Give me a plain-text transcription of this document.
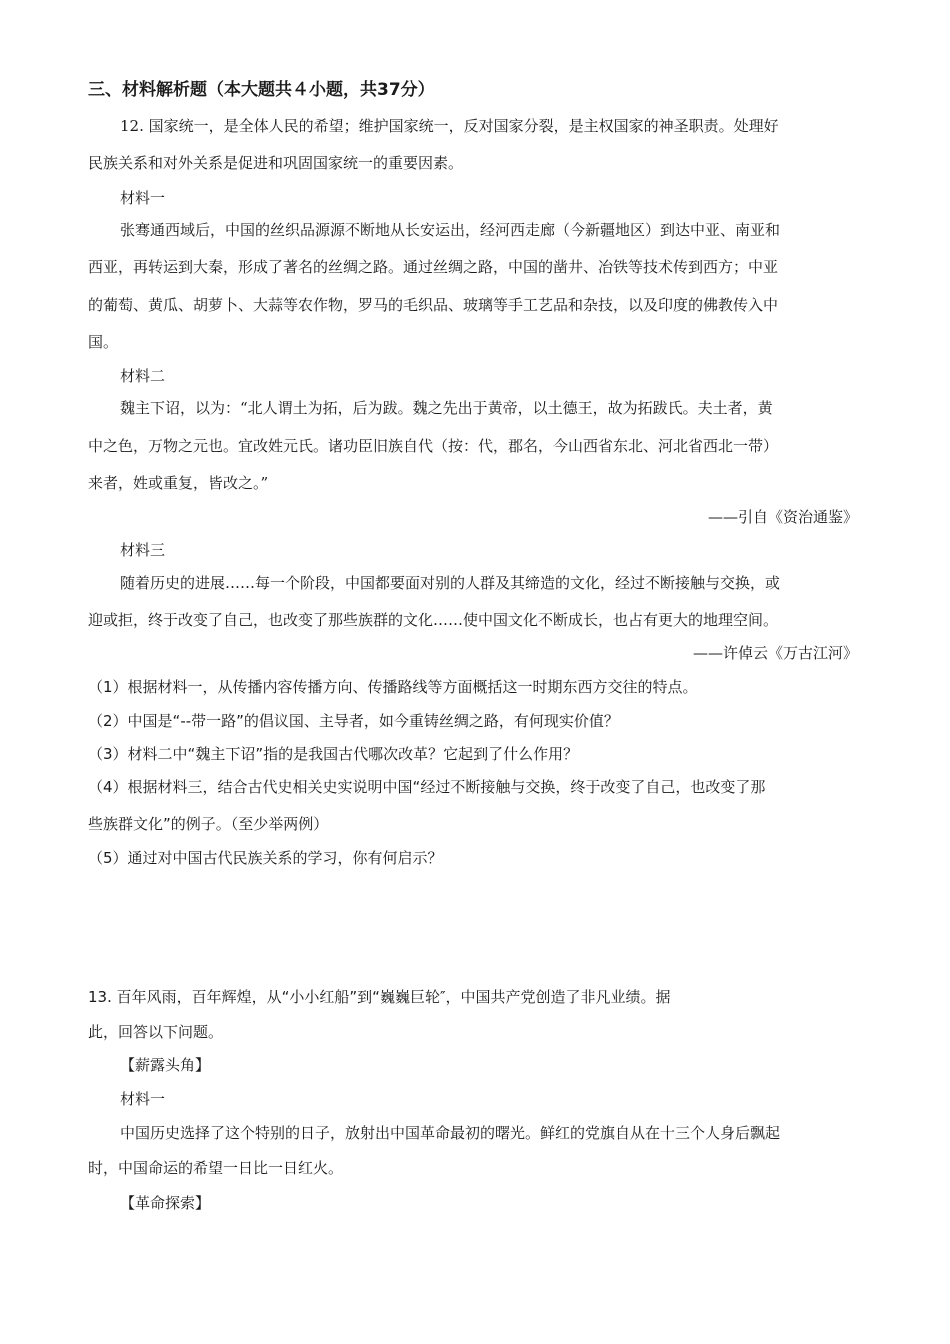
三、材料解析题（本大题共４小题，共37分）
12. 国家统一，是全体人民的希望；维护国家统一，反对国家分裂，是主权国家的神圣职责。处理好
民族关系和对外关系是促进和巩固国家统一的重要因素。
材料一
张骞通西域后，中国的丝织品源源不断地从长安运出，经河西走廊（今新疆地区）到达中亚、南亚和
西亚，再转运到大秦，形成了著名的丝绸之路。通过丝绸之路，中国的凿井、冶铁等技术传到西方；中亚
的葡萄、黄瓜、胡萝卜、大蒜等农作物，罗马的毛织品、玻璃等手工艺品和杂技，以及印度的佛教传入中
国。
材料二
魏主下诏，以为：“北人谓土为拓，后为跋。魏之先出于黄帝，以土德王，故为拓跋氏。夫土者，黄
中之色，万物之元也。宜改姓元氏。诸功臣旧族自代（按：代，郡名，今山西省东北、河北省西北一带）
来者，姓或重复，皆改之。”
——引自《资治通鉴》
材料三
随着历史的进展……每一个阶段，中国都要面对别的人群及其缔造的文化，经过不断接触与交换，或
迎或拒，终于改变了自己，也改变了那些族群的文化……使中国文化不断成长，也占有更大的地理空间。
——许倬云《万古江河》
（1）根据材料一，从传播内容传播方向、传播路线等方面概括这一时期东西方交往的特点。
（2）中国是“--带一路”的倡议国、主导者，如今重铸丝绸之路，有何现实价值？
（3）材料二中“魏主下诏”指的是我国古代哪次改革？它起到了什么作用？
（4）根据材料三，结合古代史相关史实说明中国“经过不断接触与交换，终于改变了自己，也改变了那
些族群文化”的例子。（至少举两例）
（5）通过对中国古代民族关系的学习，你有何启示？
13. 百年风雨，百年辉煌，从“小小红船”到“巍巍巨轮″，中国共产党创造了非凡业绩。据
此，回答以下问题。
【薪露头角】
材料一
中国历史选择了这个特别的日子，放射出中国革命最初的曙光。鲜红的党旗自从在十三个人身后飘起
时，中国命运的希望一日比一日红火。
【革命探索】
